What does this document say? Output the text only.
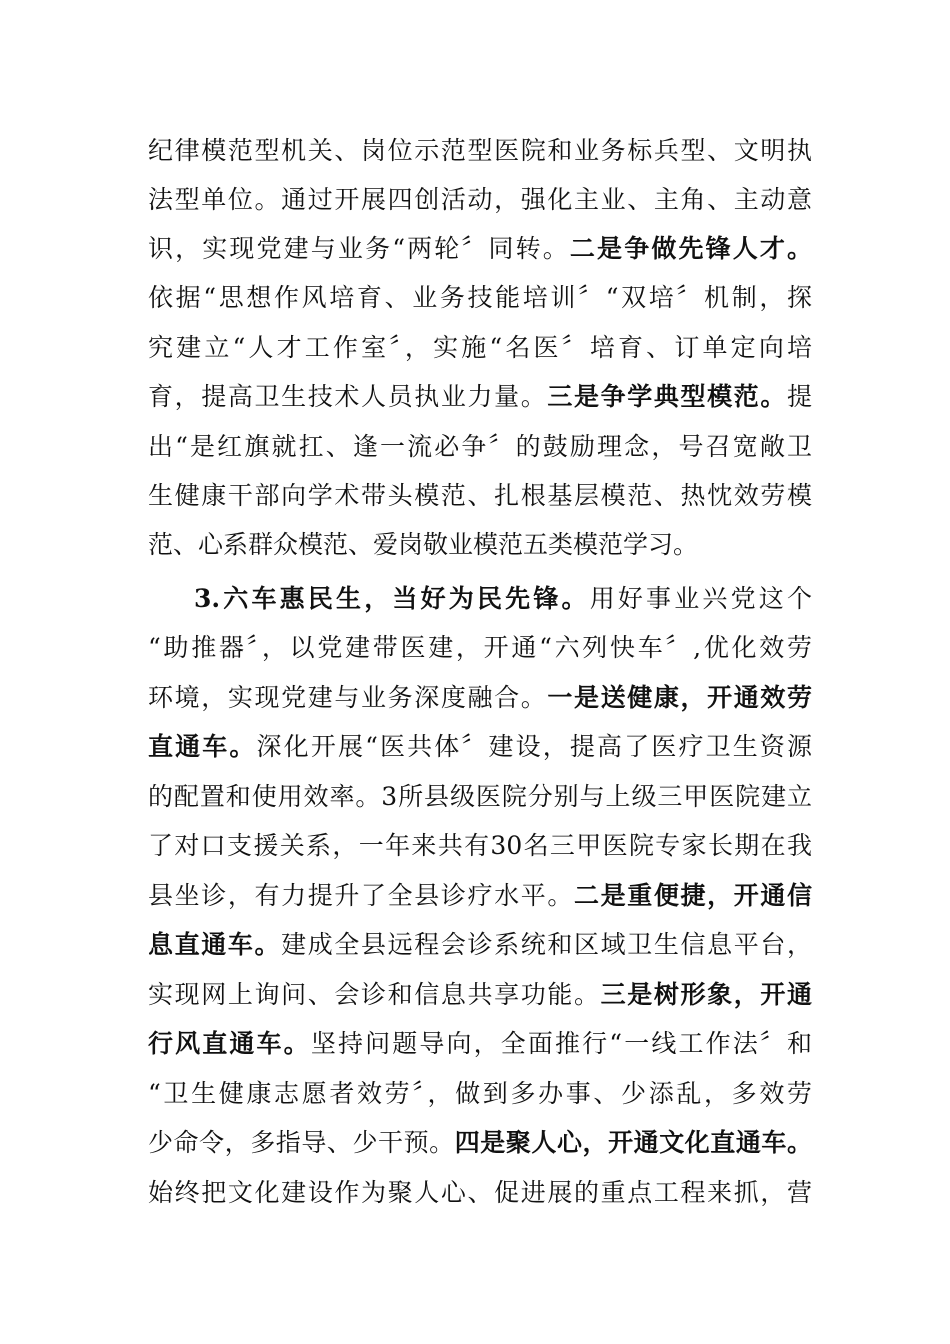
纪律模范型机关、岗位示范型医院和业务标兵型、文明执
法型单位。通过开展四创活动，强化主业、主角、主动意
识，实现党建与业务“两轮〞同转。二是争做先锋人才。
依据“思想作风培育、业务技能培训〞“双培〞机制，探
究建立“人才工作室〞，实施“名医〞培育、订单定向培
育，提高卫生技术人员执业力量。三是争学典型模范。提
出“是红旗就扛、逢一流必争〞的鼓励理念，号召宽敞卫
生健康干部向学术带头模范、扎根基层模范、热忱效劳模
范、心系群众模范、爱岗敬业模范五类模范学习。
3.六车惠民生，当好为民先锋。用好事业兴党这个
“助推器〞，以党建带医建，开通“六列快车〞,优化效劳
环境，实现党建与业务深度融合。一是送健康，开通效劳
直通车。深化开展“医共体〞建设，提高了医疗卫生资源
的配置和使用效率。3所县级医院分别与上级三甲医院建立
了对口支援关系，一年来共有30名三甲医院专家长期在我
县坐诊，有力提升了全县诊疗水平。二是重便捷，开通信
息直通车。建成全县远程会诊系统和区域卫生信息平台，
实现网上询问、会诊和信息共享功能。三是树形象，开通
行风直通车。坚持问题导向，全面推行“一线工作法〞和
“卫生健康志愿者效劳〞，做到多办事、少添乱，多效劳
少命令，多指导、少干预。四是聚人心，开通文化直通车。
始终把文化建设作为聚人心、促进展的重点工程来抓，营
